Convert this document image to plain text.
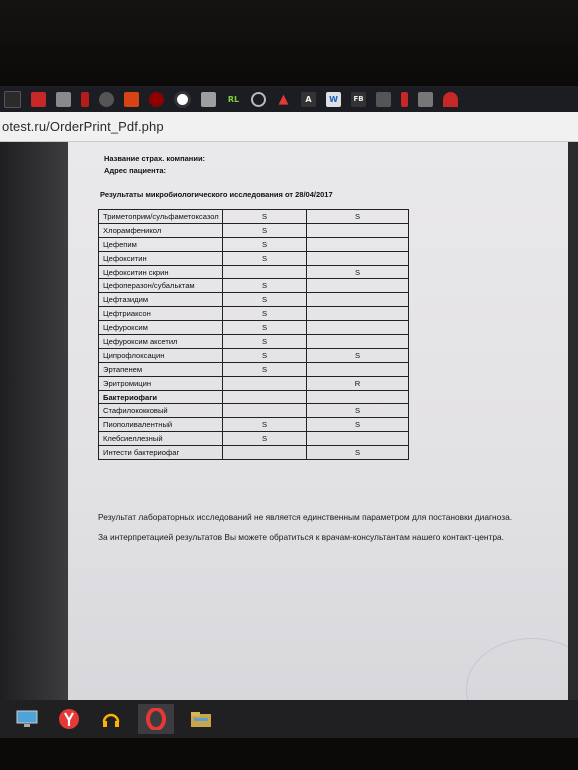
RL	▲	A	W	FB
otest.ru/OrderPrint_Pdf.php
Название страх. компании:
Адрес пациента:
Результаты микробиологического исследования от 28/04/2017
Триметоприм/сульфаметоксазол	S	S
Хлорамфеникол	S	
Цефепим	S	
Цефокситин	S	
Цефокситин скрин		S
Цефоперазон/субальктам	S	
Цефтазидим	S	
Цефтриаксон	S	
Цефуроксим	S	
Цефуроксим аксетил	S	
Ципрофлоксацин	S	S
Эртапенем	S	
Эритромицин		R
Бактериофаги		
Стафилококковый		S
Пиополивалентный	S	S
Клебсиеллезный	S	
Интести бактериофаг		S
Результат лабораторных исследований не является единственным параметром для постановки диагноза.
За интерпретацией результатов Вы можете обратиться к врачам-консультантам нашего контакт-центра.
